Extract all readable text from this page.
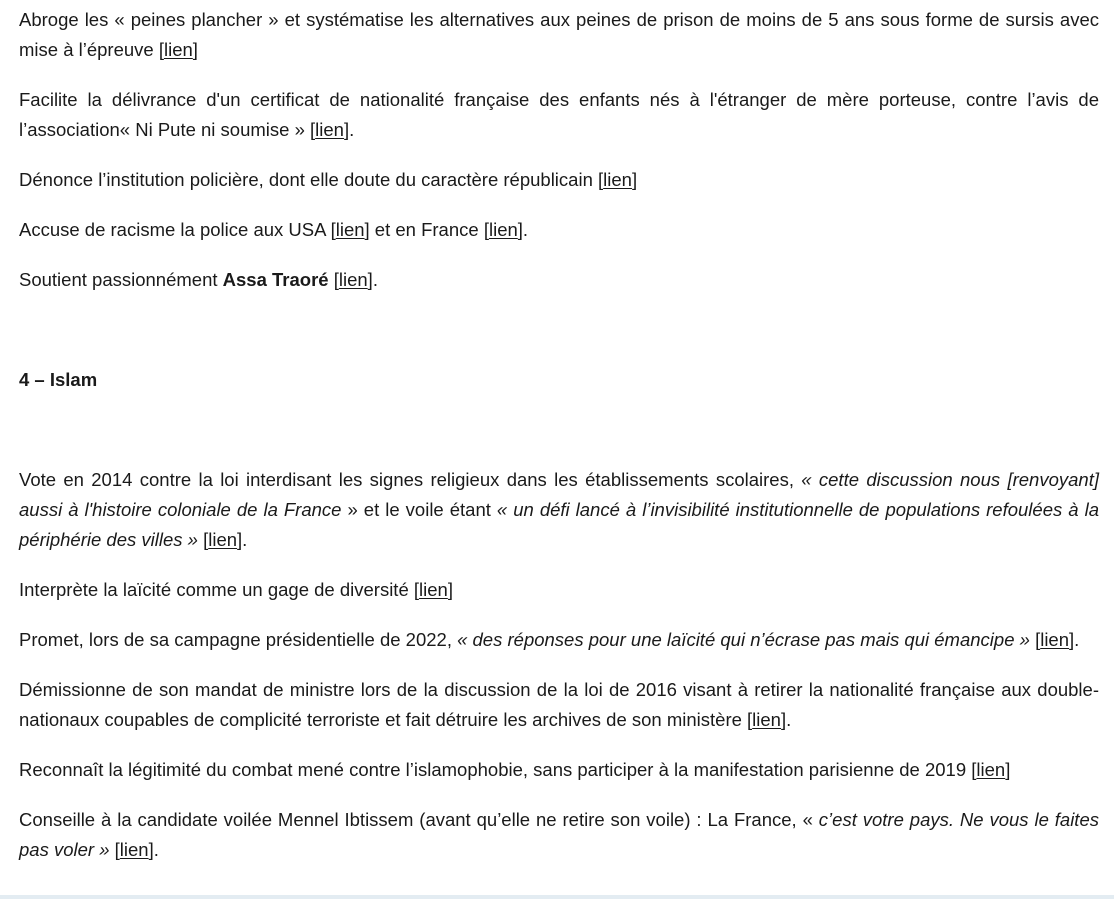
Abroge les « peines plancher » et systématise les alternatives aux peines de prison de moins de 5 ans sous forme de sursis avec mise à l’épreuve [lien]

Facilite la délivrance d'un certificat de nationalité française des enfants nés à l'étranger de mère porteuse, contre l’avis de l’association« Ni Pute ni soumise » [lien].

Dénonce l’institution policière, dont elle doute du caractère républicain [lien]

Accuse de racisme la police aux USA [lien] et en France [lien].

Soutient passionnément Assa Traoré [lien].

4 – Islam

Vote en 2014 contre la loi interdisant les signes religieux dans les établissements scolaires, « cette discussion nous [renvoyant] aussi à l'histoire coloniale de la France » et le voile étant « un défi lancé à l’invisibilité institutionnelle de populations refoulées à la périphérie des villes » [lien].

Interprète la laïcité comme un gage de diversité [lien]

Promet, lors de sa campagne présidentielle de 2022, « des réponses pour une laïcité qui n’écrase pas mais qui émancipe » [lien].

Démissionne de son mandat de ministre lors de la discussion de la loi de 2016 visant à retirer la nationalité française aux double-nationaux coupables de complicité terroriste et fait détruire les archives de son ministère [lien].

Reconnaît la légitimité du combat mené contre l’islamophobie, sans participer à la manifestation parisienne de 2019 [lien]

Conseille à la candidate voilée Mennel Ibtissem (avant qu’elle ne retire son voile) : La France, « c’est votre pays. Ne vous le faites pas voler » [lien].
